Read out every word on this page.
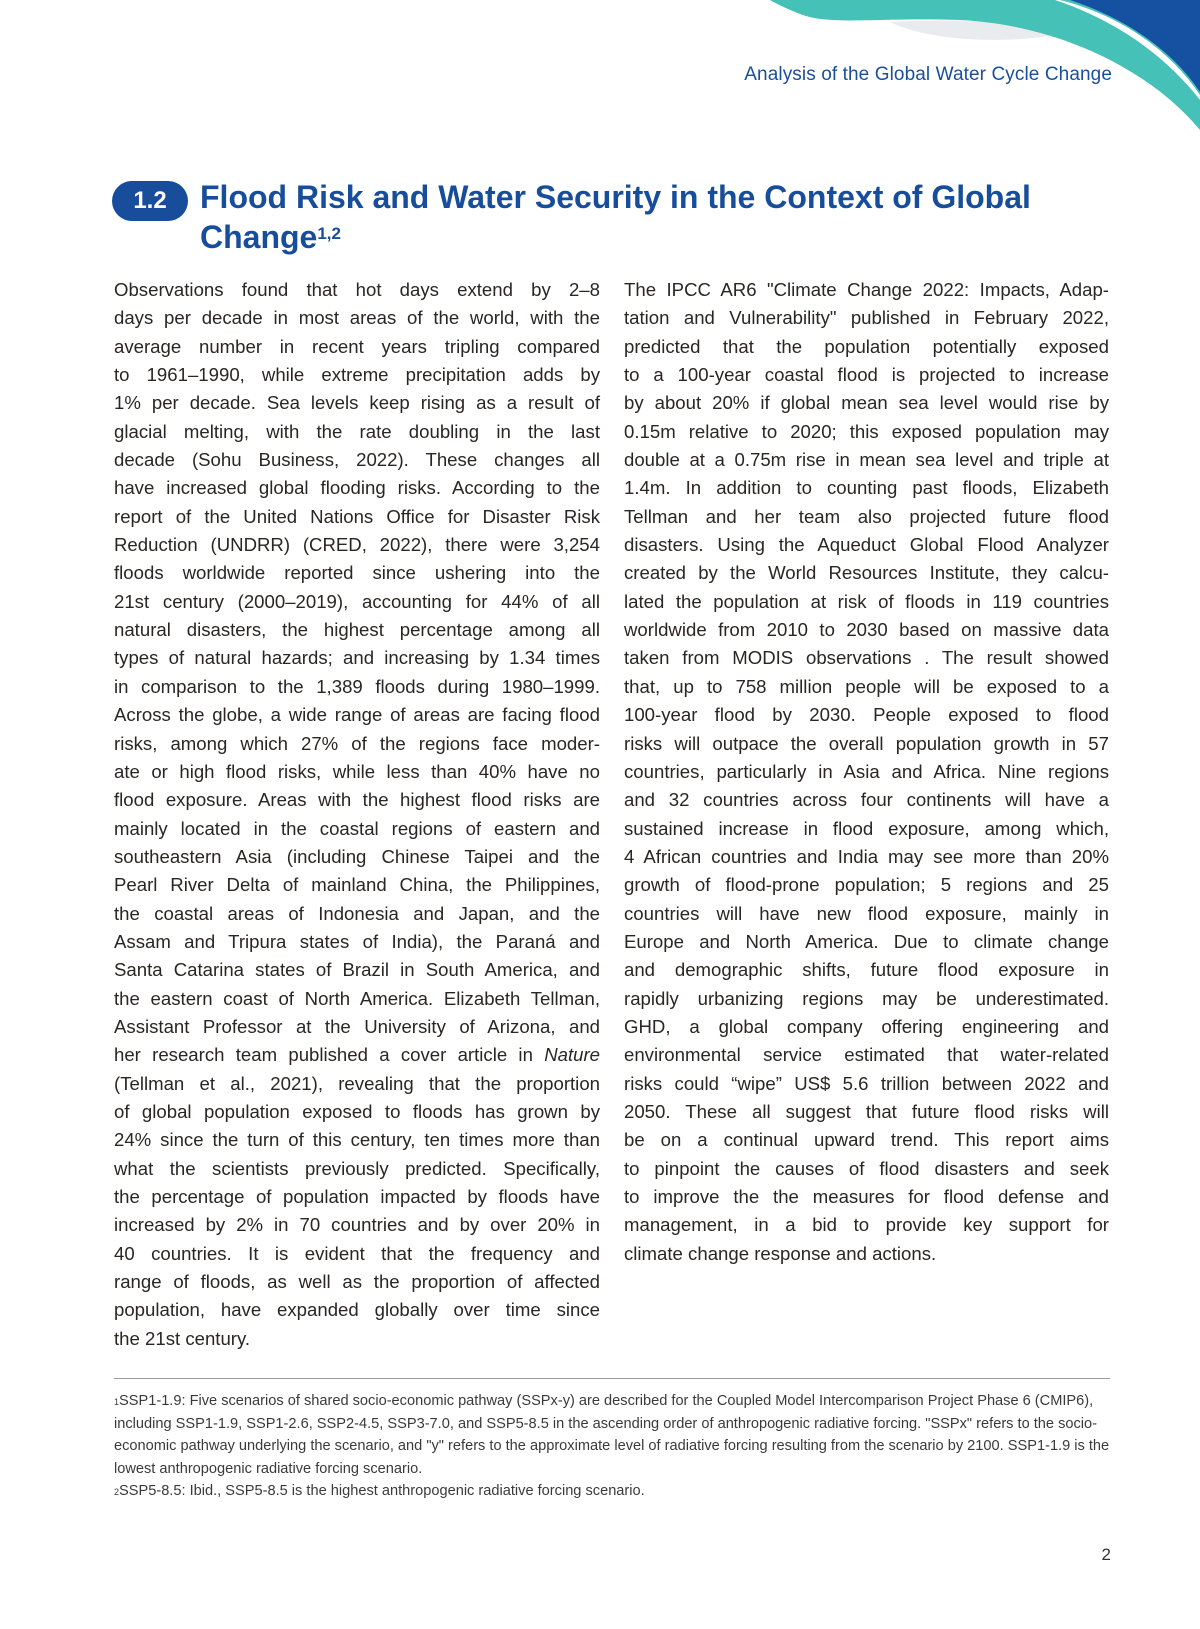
Analysis of the Global Water Cycle Change
1.2	Flood Risk and Water Security in the Context of Global
Change$^{1,2}$
Observations found that hot days extend by 2–8
days per decade in most areas of the world, with the
average number in recent years tripling compared
to 1961–1990, while extreme precipitation adds by
1% per decade. Sea levels keep rising as a result of
glacial melting, with the rate doubling in the last
decade (Sohu Business, 2022). These changes all
have increased global flooding risks. According to the
report of the United Nations Office for Disaster Risk
Reduction (UNDRR) (CRED, 2022), there were 3,254
floods worldwide reported since ushering into the
21st century (2000–2019), accounting for 44% of all
natural disasters, the highest percentage among all
types of natural hazards; and increasing by 1.34 times
in comparison to the 1,389 floods during 1980–1999.
Across the globe, a wide range of areas are facing flood
risks, among which 27% of the regions face moder-
ate or high flood risks, while less than 40% have no
flood exposure. Areas with the highest flood risks are
mainly located in the coastal regions of eastern and
southeastern Asia (including Chinese Taipei and the
Pearl River Delta of mainland China, the Philippines,
the coastal areas of Indonesia and Japan, and the
Assam and Tripura states of India), the Paraná and
Santa Catarina states of Brazil in South America, and
the eastern coast of North America. Elizabeth Tellman,
Assistant Professor at the University of Arizona, and
her research team published a cover article in Nature
(Tellman et al., 2021), revealing that the proportion
of global population exposed to floods has grown by
24% since the turn of this century, ten times more than
what the scientists previously predicted. Specifically,
the percentage of population impacted by floods have
increased by 2% in 70 countries and by over 20% in
40 countries. It is evident that the frequency and
range of floods, as well as the proportion of affected
population, have expanded globally over time since
the 21st century.
The IPCC AR6 "Climate Change 2022: Impacts, Adap-
tation and Vulnerability" published in February 2022,
predicted that the population potentially exposed
to a 100-year coastal flood is projected to increase
by about 20% if global mean sea level would rise by
0.15m relative to 2020; this exposed population may
double at a 0.75m rise in mean sea level and triple at
1.4m. In addition to counting past floods, Elizabeth
Tellman and her team also projected future flood
disasters. Using the Aqueduct Global Flood Analyzer
created by the World Resources Institute, they calcu-
lated the population at risk of floods in 119 countries
worldwide from 2010 to 2030 based on massive data
taken from MODIS observations . The result showed
that, up to 758 million people will be exposed to a
100-year flood by 2030. People exposed to flood
risks will outpace the overall population growth in 57
countries, particularly in Asia and Africa. Nine regions
and 32 countries across four continents will have a
sustained increase in flood exposure, among which,
4 African countries and India may see more than 20%
growth of flood-prone population; 5 regions and 25
countries will have new flood exposure, mainly in
Europe and North America. Due to climate change
and demographic shifts, future flood exposure in
rapidly urbanizing regions may be underestimated.
GHD, a global company offering engineering and
environmental service estimated that water-related
risks could “wipe” US$ 5.6 trillion between 2022 and
2050. These all suggest that future flood risks will
be on a continual upward trend. This report aims
to pinpoint the causes of flood disasters and seek
to improve the the measures for flood defense and
management, in a bid to provide key support for
climate change response and actions.

$^1$SSP1-1.9: Five scenarios of shared socio-economic pathway (SSPx-y) are described for the Coupled Model Intercomparison Project Phase 6 (CMIP6), including SSP1-1.9, SSP1-2.6, SSP2-4.5, SSP3-7.0, and SSP5-8.5 in the ascending order of anthropogenic radiative forcing. "SSPx" refers to the socio-economic pathway underlying the scenario, and "y" refers to the approximate level of radiative forcing resulting from the scenario by 2100. SSP1-1.9 is the lowest anthropogenic radiative forcing scenario.

$^2$SSP5-8.5: Ibid., SSP5-8.5 is the highest anthropogenic radiative forcing scenario.

2
